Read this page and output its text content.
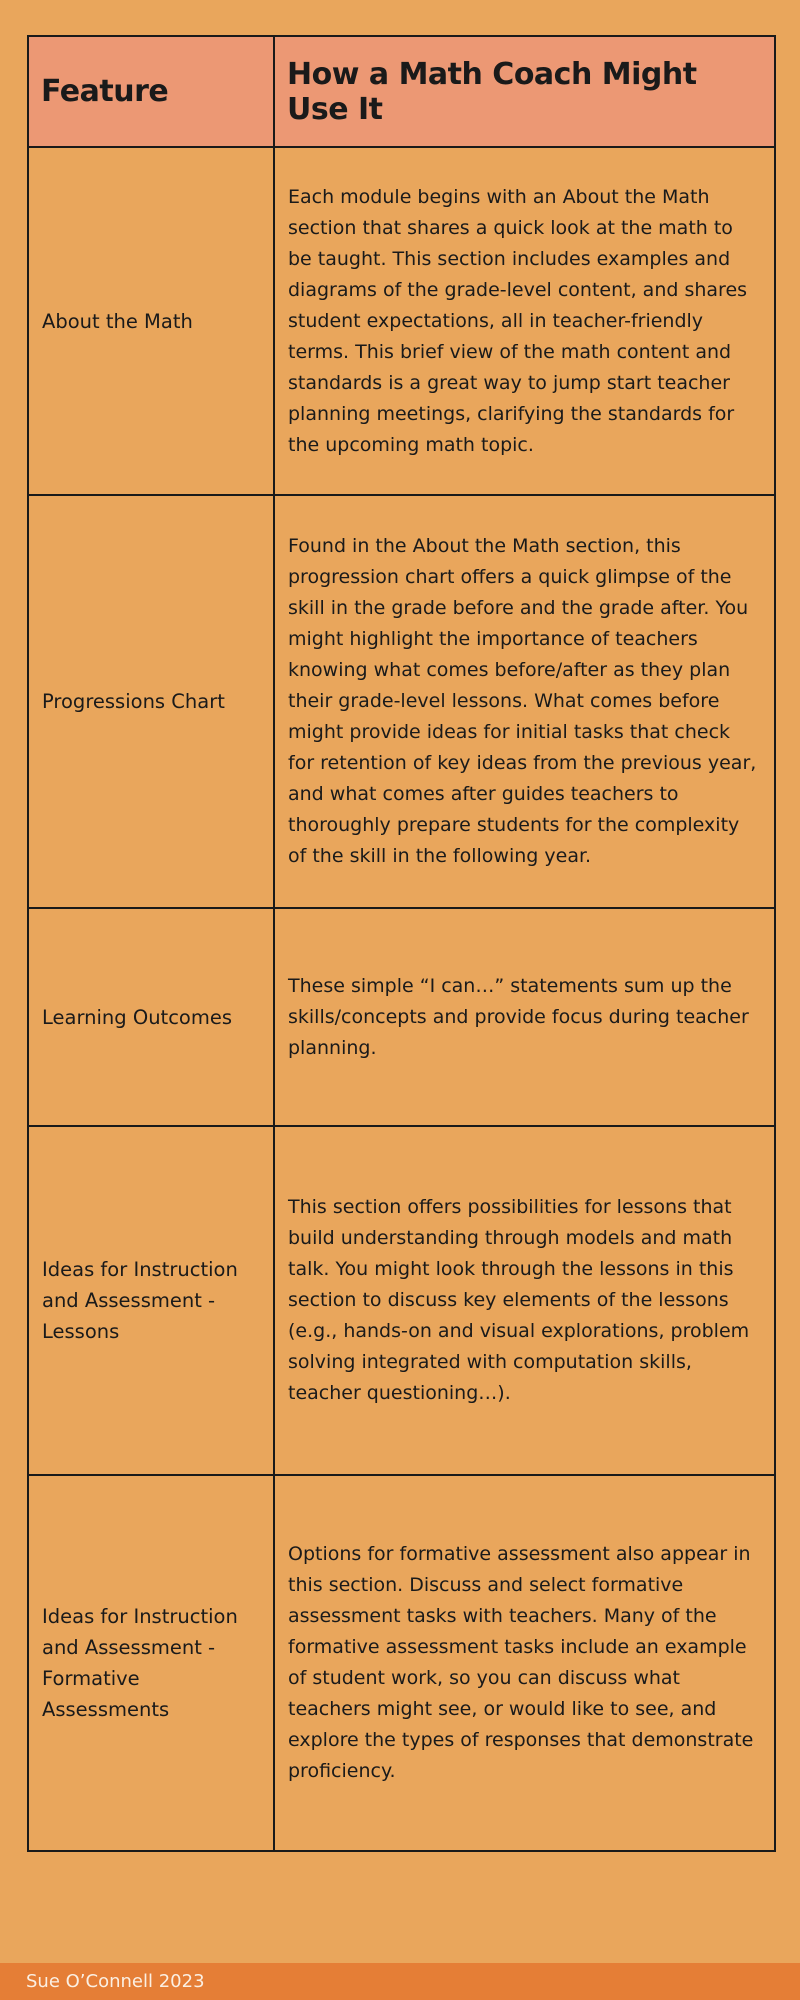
Feature	How a Math Coach Might Use It
About the Math	Each module begins with an About the Math section that shares a quick look at the math to be taught. This section includes examples and diagrams of the grade-level content, and shares student expectations, all in teacher-friendly terms. This brief view of the math content and standards is a great way to jump start teacher planning meetings, clarifying the standards for the upcoming math topic.
Progressions Chart	Found in the About the Math section, this progression chart offers a quick glimpse of the skill in the grade before and the grade after. You might highlight the importance of teachers knowing what comes before/after as they plan their grade-level lessons. What comes before might provide ideas for initial tasks that check for retention of key ideas from the previous year, and what comes after guides teachers to thoroughly prepare students for the complexity of the skill in the following year.
Learning Outcomes	These simple “I can…” statements sum up the skills/concepts and provide focus during teacher planning.
Ideas for Instruction and Assessment - Lessons	This section offers possibilities for lessons that build understanding through models and math talk. You might look through the lessons in this section to discuss key elements of the lessons (e.g., hands-on and visual explorations, problem solving integrated with computation skills, teacher questioning…).
Ideas for Instruction and Assessment - Formative Assessments	Options for formative assessment also appear in this section. Discuss and select formative assessment tasks with teachers. Many of the formative assessment tasks include an example of student work, so you can discuss what teachers might see, or would like to see, and explore the types of responses that demonstrate proficiency.
Sue O’Connell 2023
